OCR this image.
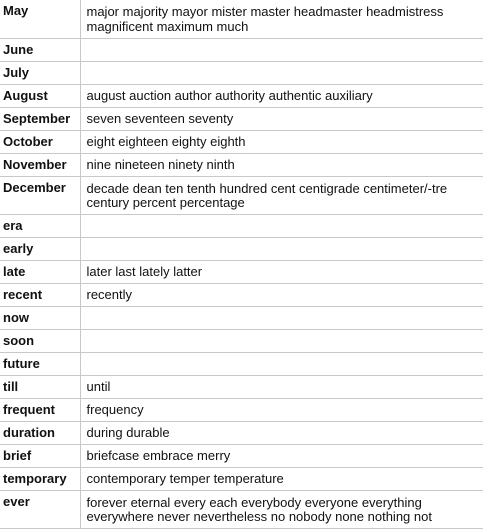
May	major majority mayor mister master headmaster headmistress magnificent maximum much
June	
July	
August	august auction author authority authentic auxiliary
September	seven seventeen seventy
October	eight eighteen eighty eighth
November	nine nineteen ninety ninth
December	decade dean ten tenth hundred cent centigrade centimeter/-tre century percent percentage
era	
early	
late	later last lately latter
recent	recently
now	
soon	
future	
till	until
frequent	frequency
duration	during durable
brief	briefcase embrace merry
temporary	contemporary temper temperature
ever	forever eternal every each everybody everyone everything everywhere never nevertheless no nobody none nothing not
